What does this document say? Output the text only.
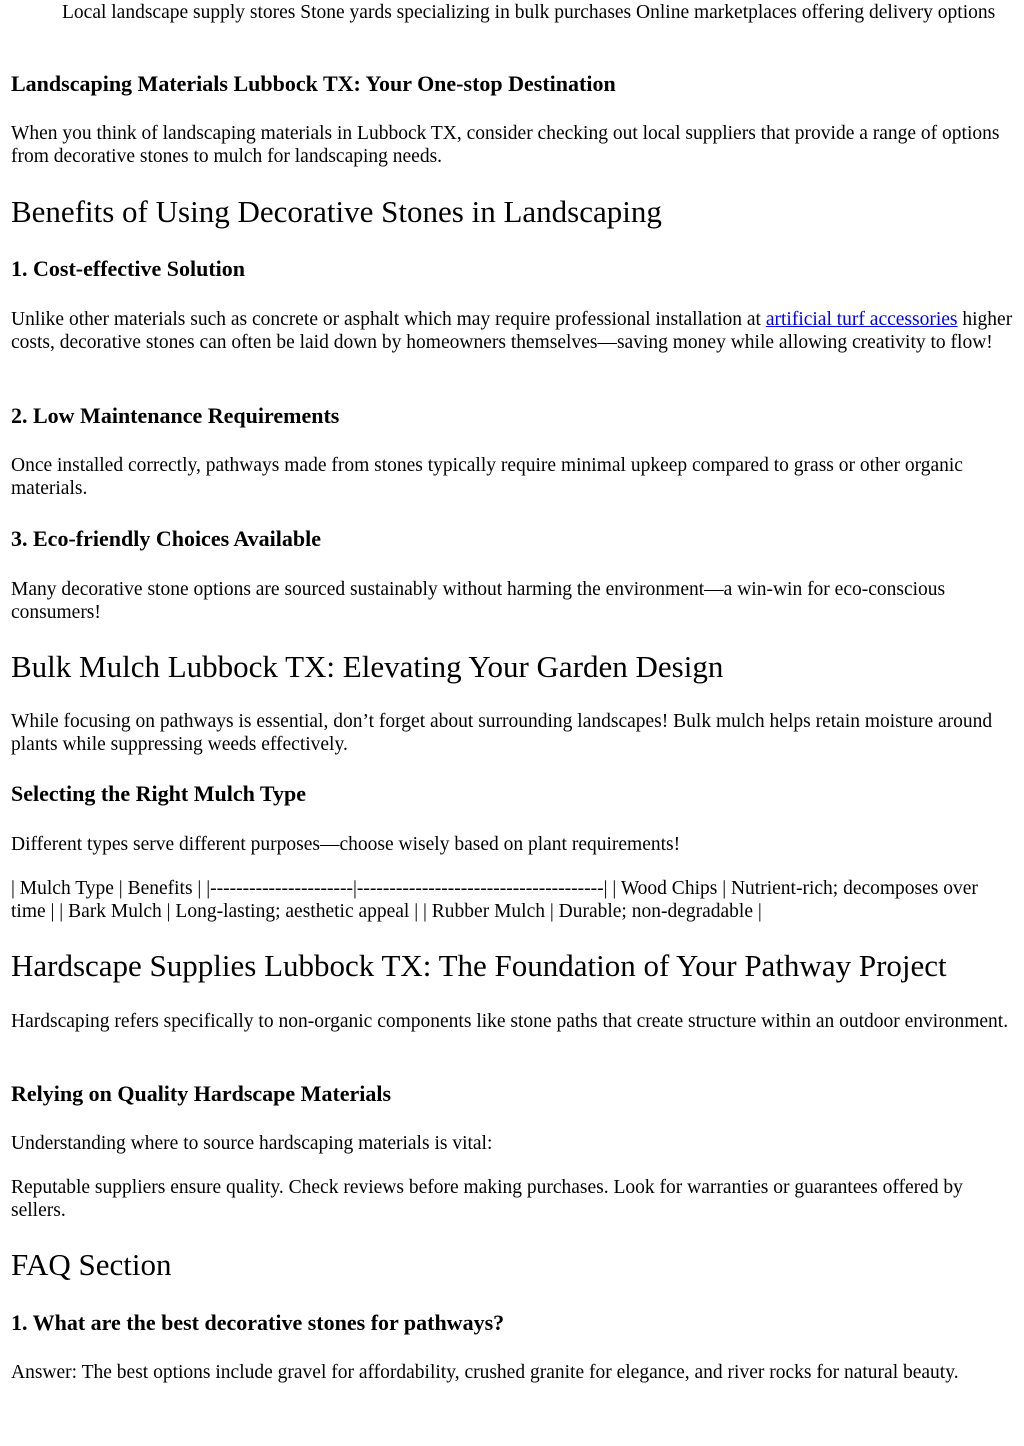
Local landscape supply stores Stone yards specializing in bulk purchases Online marketplaces offering delivery options

Landscaping Materials Lubbock TX: Your One-stop Destination

When you think of landscaping materials in Lubbock TX, consider checking out local suppliers that provide a range of options from decorative stones to mulch for landscaping needs.

Benefits of Using Decorative Stones in Landscaping
1. Cost-effective Solution

Unlike other materials such as concrete or asphalt which may require professional installation at artificial turf accessories higher costs, decorative stones can often be laid down by homeowners themselves—saving money while allowing creativity to flow!

2. Low Maintenance Requirements

Once installed correctly, pathways made from stones typically require minimal upkeep compared to grass or other organic materials.

3. Eco-friendly Choices Available

Many decorative stone options are sourced sustainably without harming the environment—a win-win for eco-conscious consumers!

Bulk Mulch Lubbock TX: Elevating Your Garden Design

While focusing on pathways is essential, don’t forget about surrounding landscapes! Bulk mulch helps retain moisture around plants while suppressing weeds effectively.

Selecting the Right Mulch Type

Different types serve different purposes—choose wisely based on plant requirements!

| Mulch Type | Benefits | |----------------------|--------------------------------------| | Wood Chips | Nutrient-rich; decomposes over time | | Bark Mulch | Long-lasting; aesthetic appeal | | Rubber Mulch | Durable; non-degradable |

Hardscape Supplies Lubbock TX: The Foundation of Your Pathway Project

Hardscaping refers specifically to non-organic components like stone paths that create structure within an outdoor environment.

Relying on Quality Hardscape Materials

Understanding where to source hardscaping materials is vital:

Reputable suppliers ensure quality. Check reviews before making purchases. Look for warranties or guarantees offered by sellers.

FAQ Section
1. What are the best decorative stones for pathways?

Answer: The best options include gravel for affordability, crushed granite for elegance, and river rocks for natural beauty.
